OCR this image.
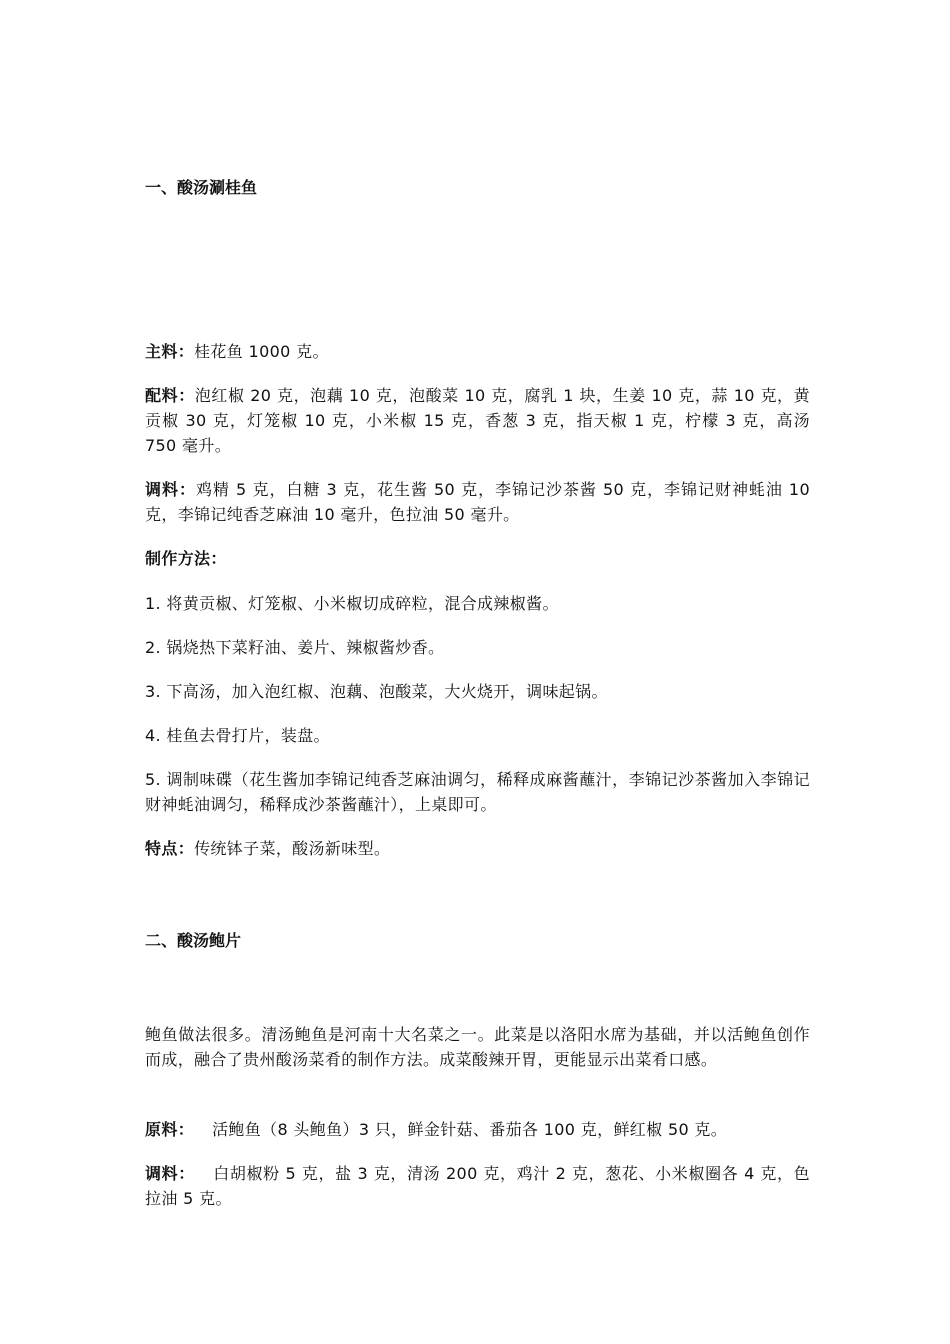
一、酸汤涮桂鱼
主料：桂花鱼 1000 克。
配料：泡红椒 20 克，泡藕 10 克，泡酸菜 10 克，腐乳 1 块，生姜 10 克，蒜 10 克，黄贡椒 30 克，灯笼椒 10 克，小米椒 15 克，香葱 3 克，指天椒 1 克，柠檬 3 克，高汤 750 毫升。
调料：鸡精 5 克，白糖 3 克，花生酱 50 克，李锦记沙茶酱 50 克，李锦记财神蚝油 10 克，李锦记纯香芝麻油 10 毫升，色拉油 50 毫升。
制作方法：
1. 将黄贡椒、灯笼椒、小米椒切成碎粒，混合成辣椒酱。
2. 锅烧热下菜籽油、姜片、辣椒酱炒香。
3. 下高汤，加入泡红椒、泡藕、泡酸菜，大火烧开，调味起锅。
4. 桂鱼去骨打片，装盘。
5. 调制味碟（花生酱加李锦记纯香芝麻油调匀，稀释成麻酱蘸汁，李锦记沙茶酱加入李锦记财神蚝油调匀，稀释成沙茶酱蘸汁），上桌即可。
特点：传统钵子菜，酸汤新味型。
二、酸汤鲍片
鲍鱼做法很多。清汤鲍鱼是河南十大名菜之一。此菜是以洛阳水席为基础，并以活鲍鱼创作而成，融合了贵州酸汤菜肴的制作方法。成菜酸辣开胃，更能显示出菜肴口感。
原料： 活鲍鱼（8 头鲍鱼）3 只，鲜金针菇、番茄各 100 克，鲜红椒 50 克。
调料： 白胡椒粉 5 克，盐 3 克，清汤 200 克，鸡汁 2 克，葱花、小米椒圈各 4 克，色拉油 5 克。
